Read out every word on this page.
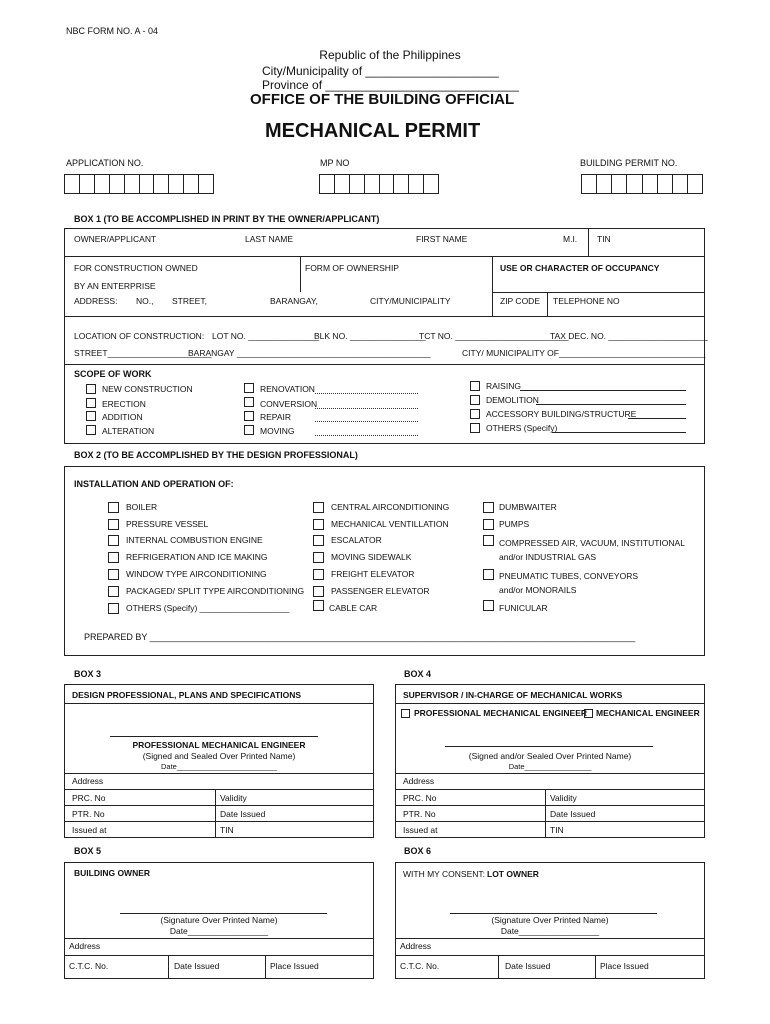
NBC FORM NO. A - 04
Republic of the Philippines
City/Municipality of ____________________
Province of _____________________________
OFFICE OF THE BUILDING OFFICIAL
MECHANICAL PERMIT
APPLICATION NO.	MP NO	BUILDING PERMIT NO.
BOX 1 (TO BE ACCOMPLISHED IN PRINT BY THE OWNER/APPLICANT)
OWNER/APPLICANT	LAST NAME	FIRST NAME	M.I. TIN
FOR CONSTRUCTION OWNED
BY AN ENTERPRISE
FORM OF OWNERSHIP	USE OR CHARACTER OF OCCUPANCY
ADDRESS: NO., STREET,	BARANGAY,	CITY/MUNICIPALITY	ZIP CODE TELEPHONE NO
LOCATION OF CONSTRUCTION: LOT NO. _______________
BLK NO. ________________
TCT NO. ________________________
TAX DEC. NO. _____________________
STREET______________________
BARANGAY _________________________________________	CITY/ MUNICIPALITY OF_______________________________
SCOPE OF WORK
NEW CONSTRUCTION
ERECTION
ADDITION
ALTERATION
RENOVATION
CONVERSION
REPAIR
MOVING
RAISING
DEMOLITION
ACCESSORY BUILDING/STRUCTURE
OTHERS (Specify)
BOX 2 (TO BE ACCOMPLISHED BY THE DESIGN PROFESSIONAL)
INSTALLATION AND OPERATION OF:
BOILER
PRESSURE VESSEL
INTERNAL COMBUSTION ENGINE
REFRIGERATION AND ICE MAKING
WINDOW TYPE AIRCONDITIONING
PACKAGED/ SPLIT TYPE AIRCONDITIONING
OTHERS (Specify) ___________________
CENTRAL AIRCONDITIONING
MECHANICAL VENTILLATION
ESCALATOR
MOVING SIDEWALK
FREIGHT ELEVATOR
PASSENGER ELEVATOR
CABLE CAR
DUMBWAITER
PUMPS
COMPRESSED AIR, VACUUM, INSTITUTIONAL
and/or INDUSTRIAL GAS
PNEUMATIC TUBES, CONVEYORS
and/or MONORAILS
FUNICULAR
PREPARED BY _________________________________________________________________________________________________
BOX 3
DESIGN PROFESSIONAL, PLANS AND SPECIFICATIONS
PROFESSIONAL MECHANICAL ENGINEER
(Signed and Sealed Over Printed Name)
Date________________________
Address
PRC. No	Validity
PTR. No	Date Issued
Issued at	TIN
BOX 4
SUPERVISOR / IN-CHARGE OF MECHANICAL WORKS
PROFESSIONAL MECHANICAL ENGINEER MECHANICAL ENGINEER
(Signed and/or Sealed Over Printed Name)
Date________________
Address
PRC. No	Validity
PTR. No	Date Issued
Issued at	TIN
BOX 5
BUILDING OWNER
(Signature Over Printed Name)
Date_________________
Address
C.T.C. No.	Date Issued	Place Issued
BOX 6
WITH MY CONSENT: LOT OWNER
(Signature Over Printed Name)
Date_________________
Address
C.T.C. No.	Date Issued	Place Issued
